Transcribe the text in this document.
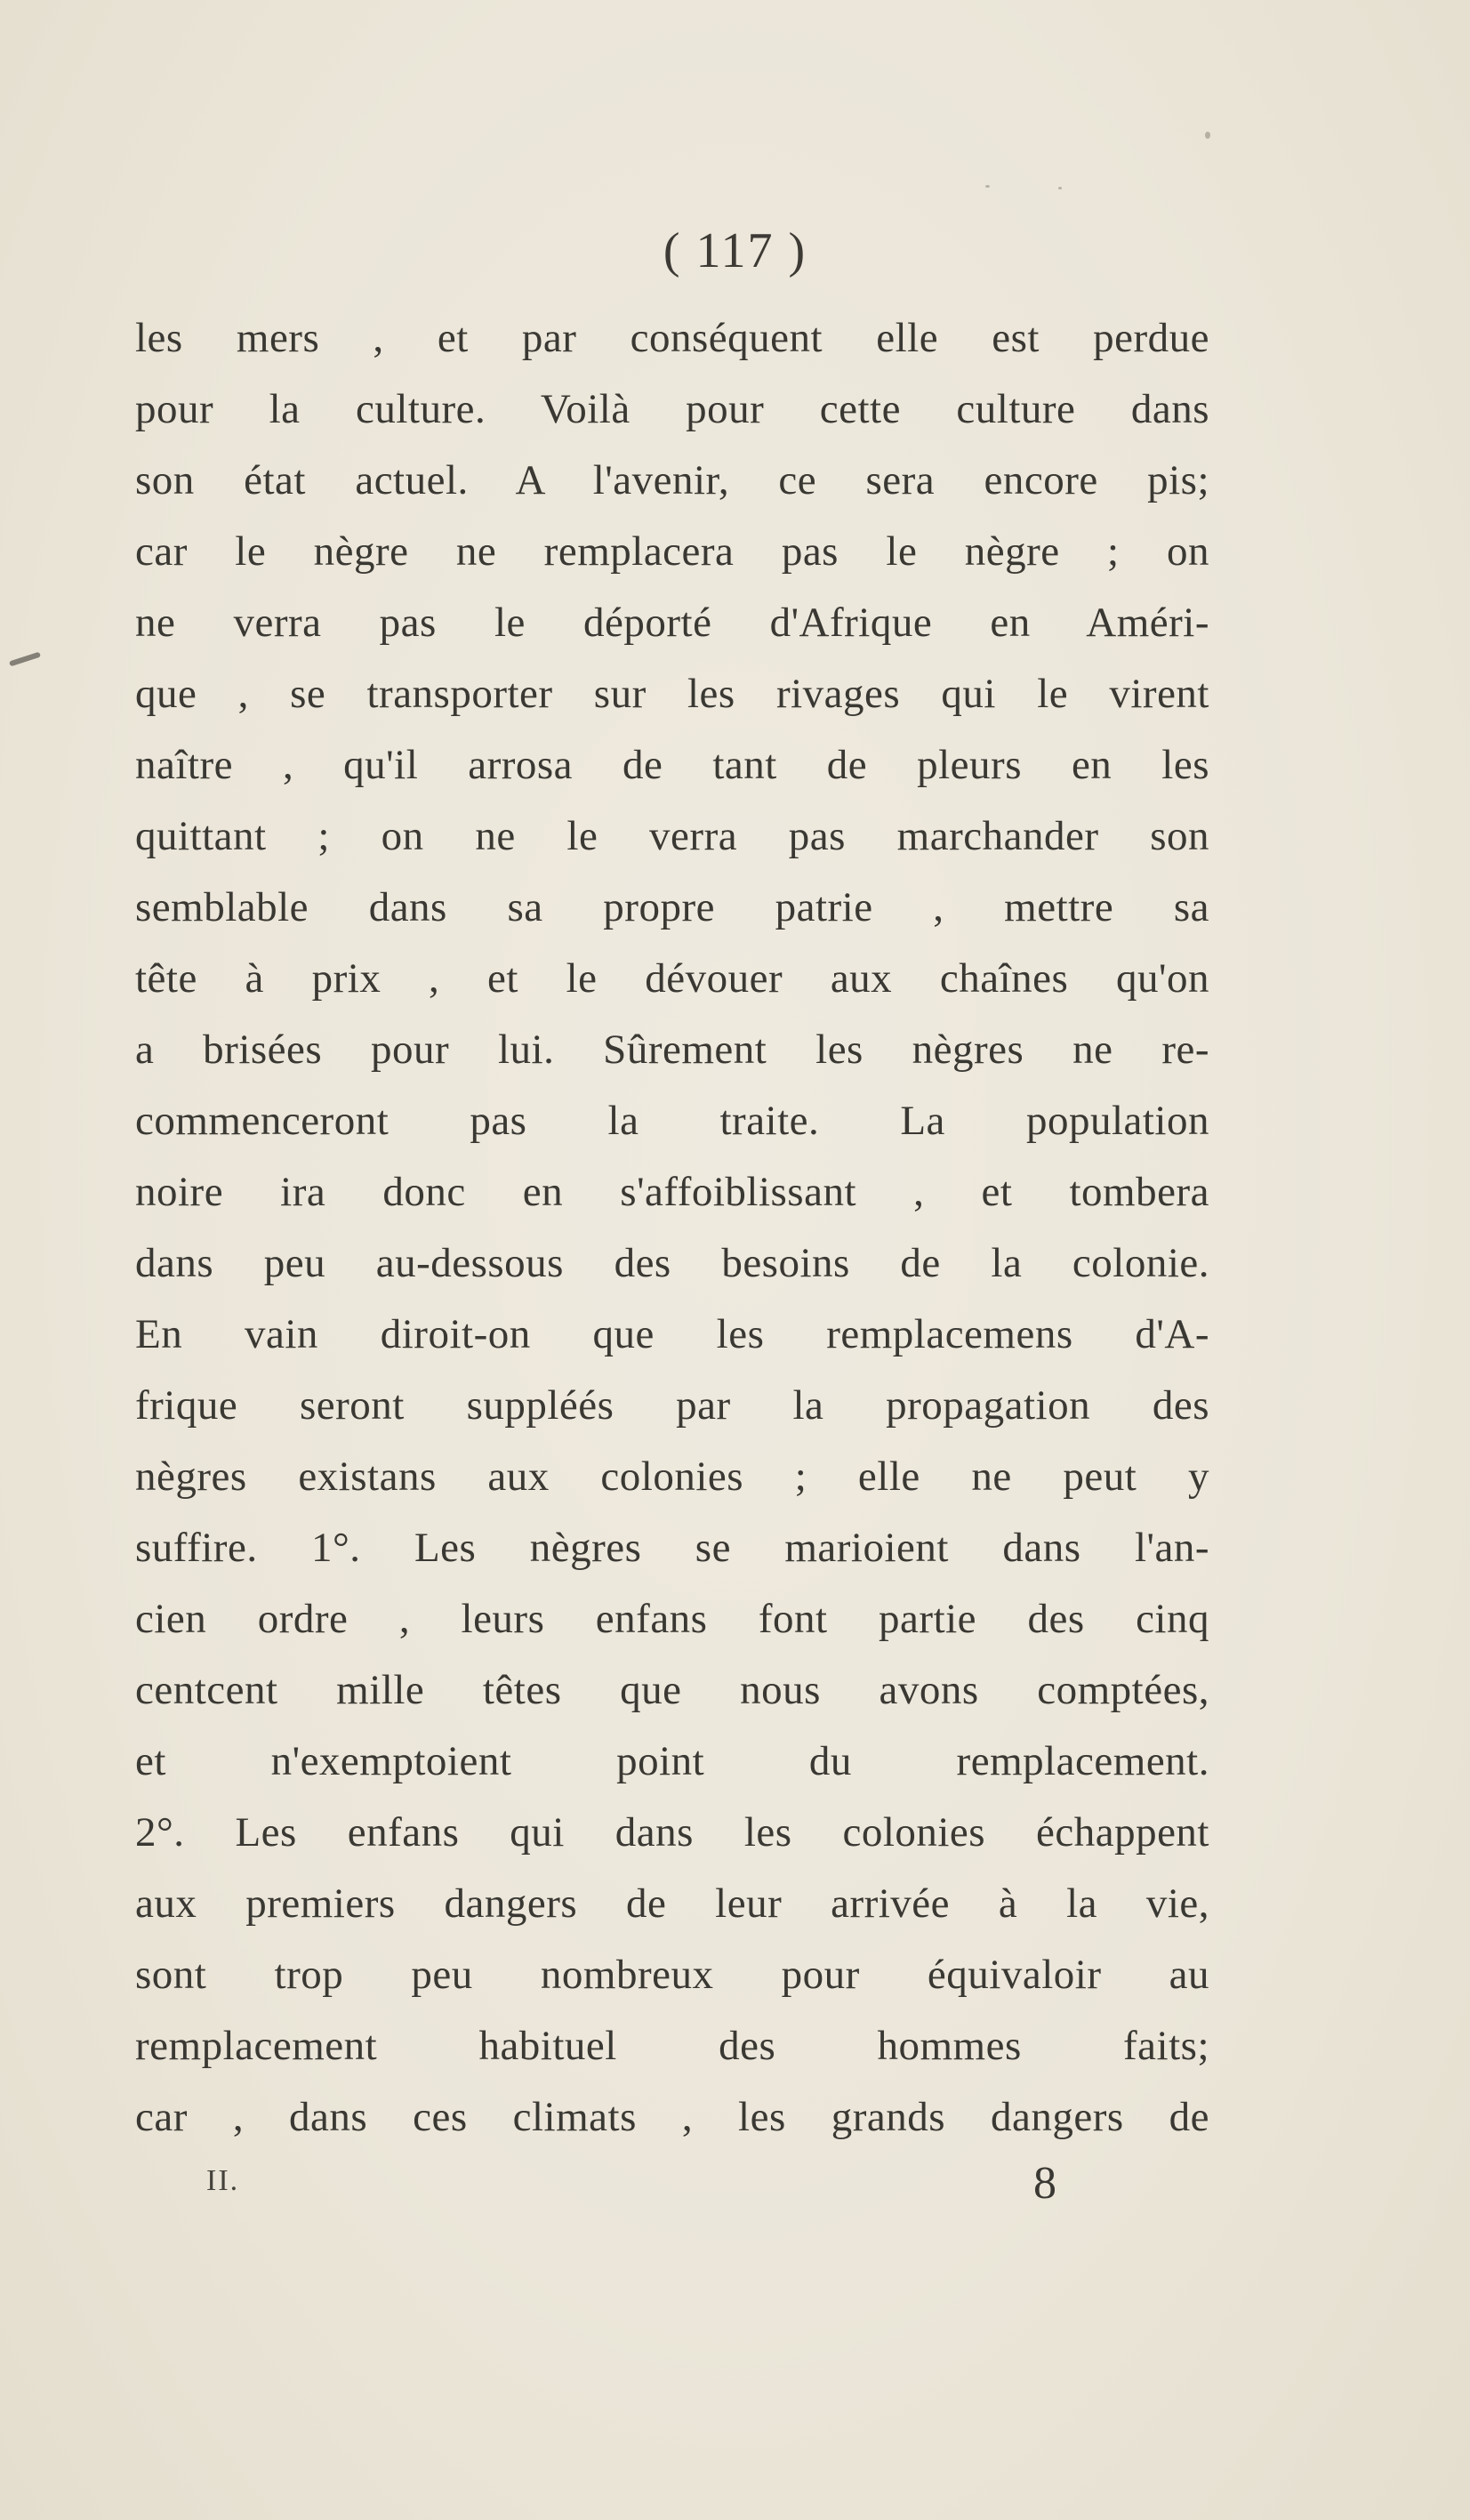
( 117 )
les mers , et par conséquent elle est perdue
pour la culture. Voilà pour cette culture dans
son état actuel. A l'avenir, ce sera encore pis;
car le nègre ne remplacera pas le nègre ; on
ne verra pas le déporté d'Afrique en Améri-
que , se transporter sur les rivages qui le virent
naître , qu'il arrosa de tant de pleurs en les
quittant ; on ne le verra pas marchander son
semblable dans sa propre patrie , mettre sa
tête à prix , et le dévouer aux chaînes qu'on
a brisées pour lui. Sûrement les nègres ne re-
commenceront pas la traite. La population
noire ira donc en s'affoiblissant , et tombera
dans peu au-dessous des besoins de la colonie.
En vain diroit-on que les remplacemens d'A-
frique seront suppléés par la propagation des
nègres existans aux colonies ; elle ne peut y
suffire. 1°. Les nègres se marioient dans l'an-
cien ordre , leurs enfans font partie des cinq
centcent mille têtes que nous avons comptées,
et n'exemptoient point du remplacement.
2°. Les enfans qui dans les colonies échappent
aux premiers dangers de leur arrivée à la vie,
sont trop peu nombreux pour équivaloir au
remplacement habituel des hommes faits;
car , dans ces climats , les grands dangers de
II.	8
